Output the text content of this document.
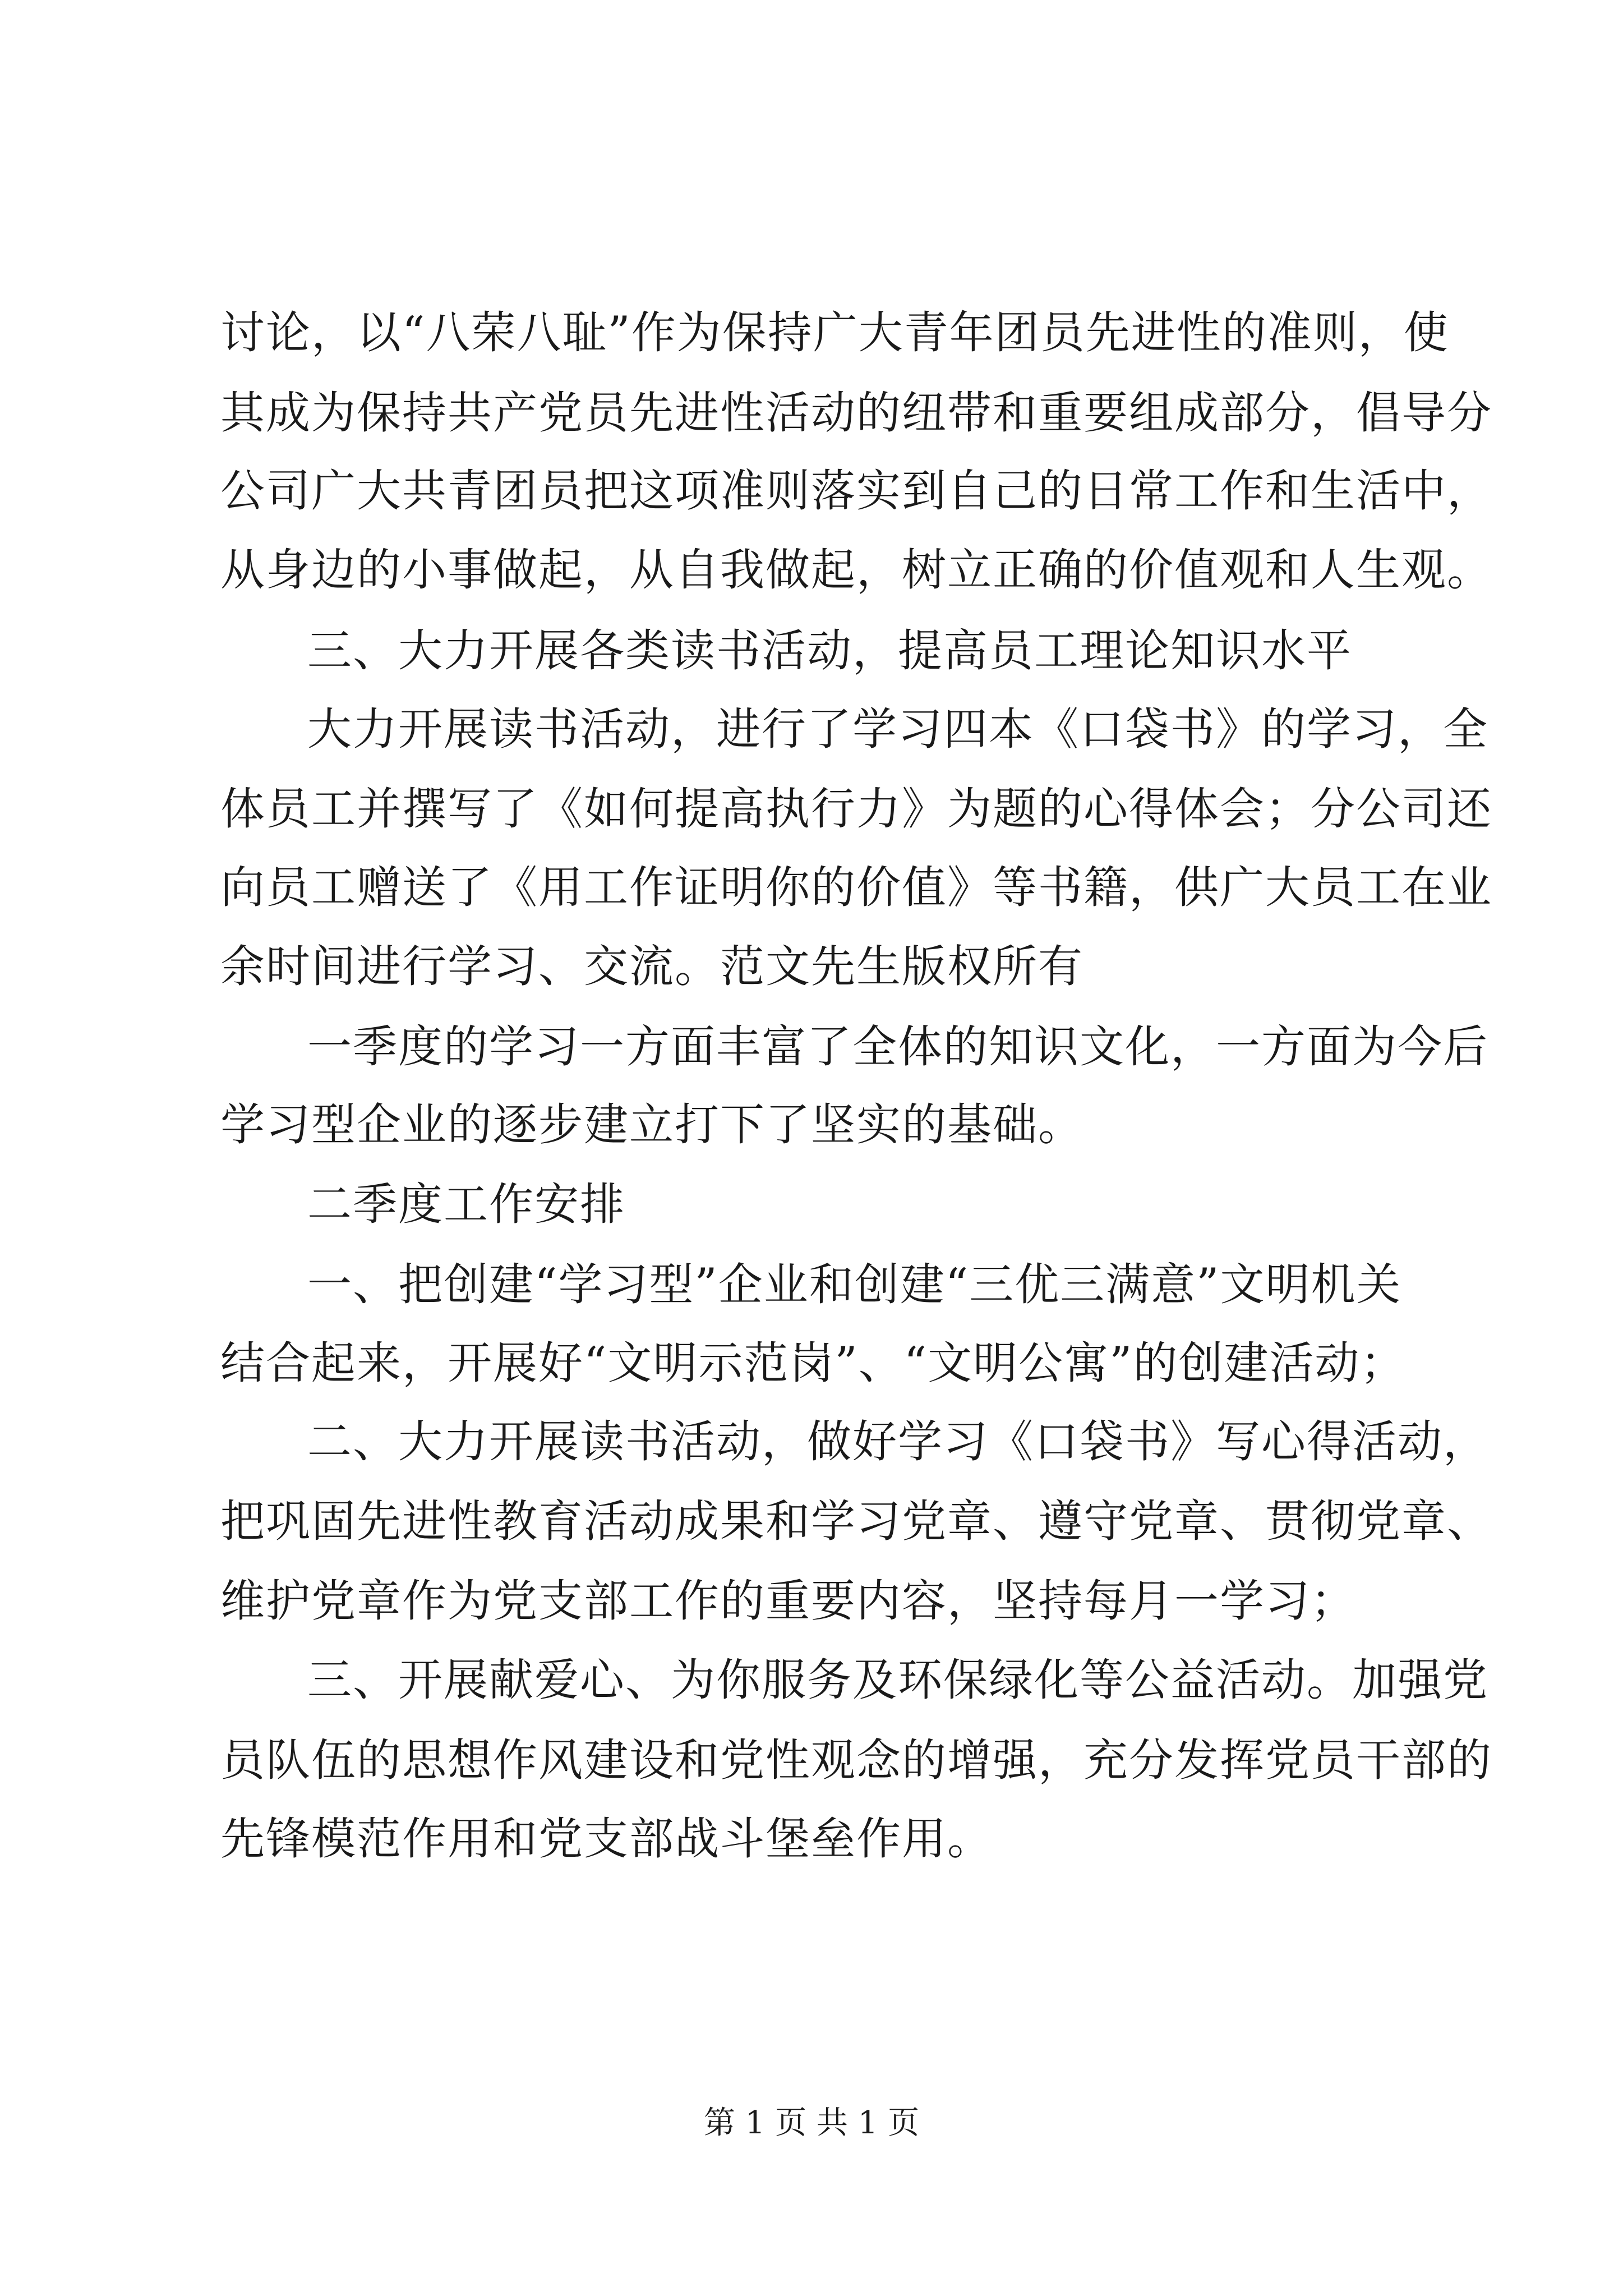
讨论，以“八荣八耻”作为保持广大青年团员先进性的准则，使
其成为保持共产党员先进性活动的纽带和重要组成部分，倡导分
公司广大共青团员把这项准则落实到自己的日常工作和生活中，
从身边的小事做起，从自我做起，树立正确的价值观和人生观。
三、大力开展各类读书活动，提高员工理论知识水平
大力开展读书活动，进行了学习四本《口袋书》的学习，全
体员工并撰写了《如何提高执行力》为题的心得体会；分公司还
向员工赠送了《用工作证明你的价值》等书籍，供广大员工在业
余时间进行学习、交流。范文先生版权所有
一季度的学习一方面丰富了全体的知识文化，一方面为今后
学习型企业的逐步建立打下了坚实的基础。
二季度工作安排
一、把创建“学习型”企业和创建“三优三满意”文明机关
结合起来，开展好“文明示范岗”、“文明公寓”的创建活动；
二、大力开展读书活动，做好学习《口袋书》写心得活动，
把巩固先进性教育活动成果和学习党章、遵守党章、贯彻党章、
维护党章作为党支部工作的重要内容，坚持每月一学习；
三、开展献爱心、为你服务及环保绿化等公益活动。加强党
员队伍的思想作风建设和党性观念的增强，充分发挥党员干部的
先锋模范作用和党支部战斗堡垒作用。
第 1 页 共 1 页
